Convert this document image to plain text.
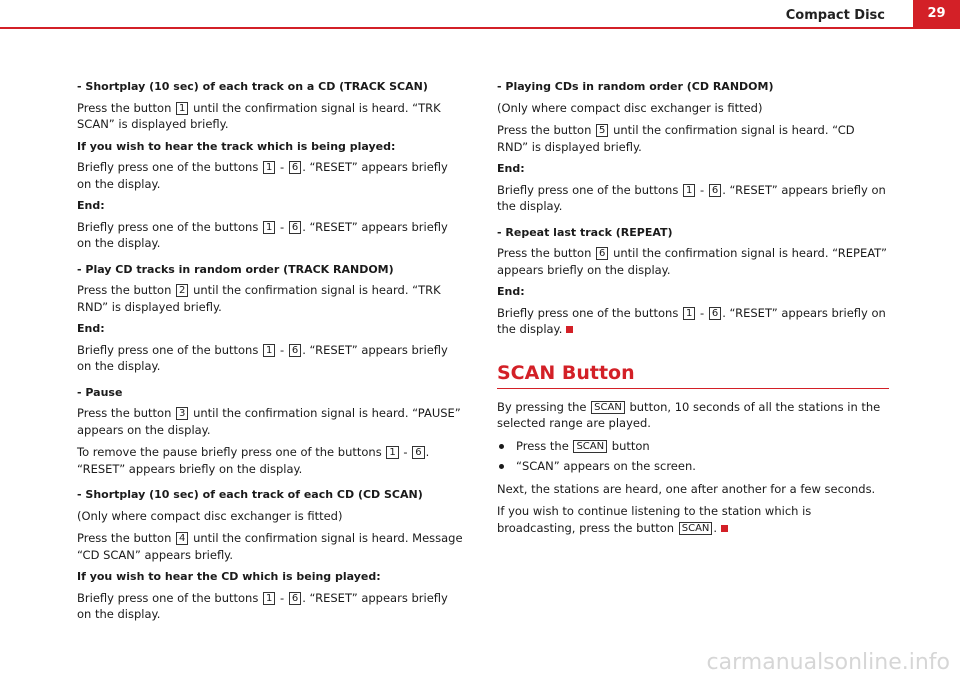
Compact Disc	29

- Shortplay (10 sec) of each track on a CD (TRACK SCAN)

Press the button 1 until the confirmation signal is heard. “TRK SCAN” is displayed briefly.

If you wish to hear the track which is being played:

Briefly press one of the buttons 1 - 6 . “RESET” appears briefly on the display.

End:

Briefly press one of the buttons 1 - 6 . “RESET” appears briefly on the display.

- Play CD tracks in random order (TRACK RANDOM)

Press the button 2 until the confirmation signal is heard. “TRK RND” is displayed briefly.

End:

Briefly press one of the buttons 1 - 6 . “RESET” appears briefly on the display.

- Pause

Press the button 3 until the confirmation signal is heard. “PAUSE” appears on the display.

To remove the pause briefly press one of the buttons 1 - 6 . “RESET” appears briefly on the display.

- Shortplay (10 sec) of each track of each CD (CD SCAN)

(Only where compact disc exchanger is fitted)

Press the button 4 until the confirmation signal is heard. Message “CD SCAN” appears briefly.

If you wish to hear the CD which is being played:

Briefly press one of the buttons 1 - 6 . “RESET” appears briefly on the display.

- Playing CDs in random order (CD RANDOM)

(Only where compact disc exchanger is fitted)

Press the button 5 until the confirmation signal is heard. “CD RND” is displayed briefly.

End:

Briefly press one of the buttons 1 - 6 . “RESET” appears briefly on the display.

- Repeat last track (REPEAT)

Press the button 6 until the confirmation signal is heard. “REPEAT” appears briefly on the display.

End:

Briefly press one of the buttons 1 - 6 . “RESET” appears briefly on the display.

SCAN Button

By pressing the SCAN button, 10 seconds of all the stations in the selected range are played.

Press the SCAN button
“SCAN” appears on the screen.

Next, the stations are heard, one after another for a few seconds.

If you wish to continue listening to the station which is broadcasting, press the button SCAN .

carmanualsonline.info
